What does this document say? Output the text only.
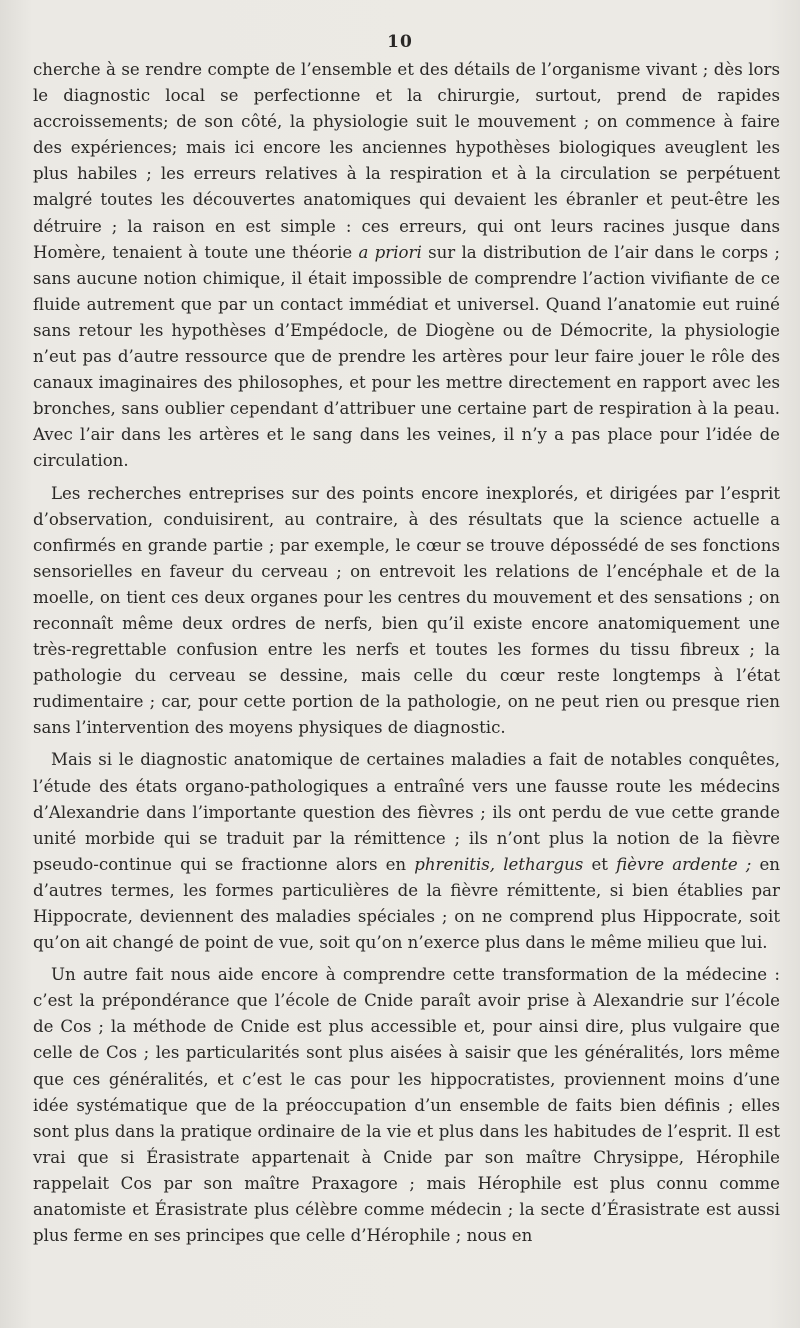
10

cherche à se rendre compte de l’ensemble et des détails de l’organisme vivant ; dès lors le diagnostic local se perfectionne et la chirurgie, surtout, prend de rapides accroissements; de son côté, la physiologie suit le mouvement ; on commence à faire des expériences; mais ici encore les anciennes hypothèses biologiques aveuglent les plus habiles ; les erreurs relatives à la respiration et à la circulation se perpétuent malgré toutes les découvertes anatomiques qui devaient les ébranler et peut-être les détruire ; la raison en est simple : ces erreurs, qui ont leurs racines jusque dans Homère, tenaient à toute une théorie a priori sur la distribution de l’air dans le corps ; sans aucune notion chimique, il était impossible de comprendre l’action vivifiante de ce fluide autrement que par un contact immédiat et universel. Quand l’anatomie eut ruiné sans retour les hypothèses d’Empédocle, de Diogène ou de Démocrite, la physiologie n’eut pas d’autre ressource que de prendre les artères pour leur faire jouer le rôle des canaux imaginaires des philosophes, et pour les mettre directement en rapport avec les bronches, sans oublier cependant d’attribuer une certaine part de respiration à la peau. Avec l’air dans les artères et le sang dans les veines, il n’y a pas place pour l’idée de circulation.

Les recherches entreprises sur des points encore inexplorés, et dirigées par l’esprit d’observation, conduisirent, au contraire, à des résultats que la science actuelle a confirmés en grande partie ; par exemple, le cœur se trouve dépossédé de ses fonctions sensorielles en faveur du cerveau ; on entrevoit les relations de l’encéphale et de la moelle, on tient ces deux organes pour les centres du mouvement et des sensations ; on reconnaît même deux ordres de nerfs, bien qu’il existe encore anatomiquement une très-regrettable confusion entre les nerfs et toutes les formes du tissu fibreux ; la pathologie du cerveau se dessine, mais celle du cœur reste longtemps à l’état rudimentaire ; car, pour cette portion de la pathologie, on ne peut rien ou presque rien sans l’intervention des moyens physiques de diagnostic.

Mais si le diagnostic anatomique de certaines maladies a fait de notables conquêtes, l’étude des états organo-pathologiques a entraîné vers une fausse route les médecins d’Alexandrie dans l’importante question des fièvres ; ils ont perdu de vue cette grande unité morbide qui se traduit par la rémittence ; ils n’ont plus la notion de la fièvre pseudo-continue qui se fractionne alors en phrenitis, lethargus et fièvre ardente ; en d’autres termes, les formes particulières de la fièvre rémittente, si bien établies par Hippocrate, deviennent des maladies spéciales ; on ne comprend plus Hippocrate, soit qu’on ait changé de point de vue, soit qu’on n’exerce plus dans le même milieu que lui.

Un autre fait nous aide encore à comprendre cette transformation de la médecine : c’est la prépondérance que l’école de Cnide paraît avoir prise à Alexandrie sur l’école de Cos ; la méthode de Cnide est plus accessible et, pour ainsi dire, plus vulgaire que celle de Cos ; les particularités sont plus aisées à saisir que les généralités, lors même que ces généralités, et c’est le cas pour les hippocratistes, proviennent moins d’une idée systématique que de la préoccupation d’un ensemble de faits bien définis ; elles sont plus dans la pratique ordinaire de la vie et plus dans les habitudes de l’esprit. Il est vrai que si Érasistrate appartenait à Cnide par son maître Chrysippe, Hérophile rappelait Cos par son maître Praxagore ; mais Hérophile est plus connu comme anatomiste et Érasistrate plus célèbre comme médecin ; la secte d’Érasistrate est aussi plus ferme en ses principes que celle d’Hérophile ; nous en
